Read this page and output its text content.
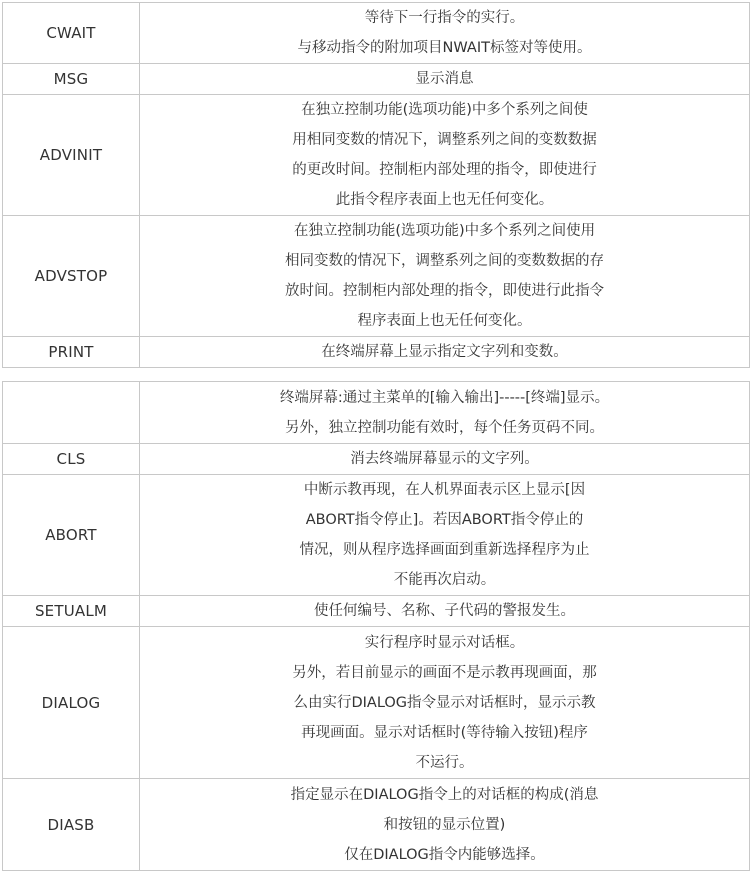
CWAIT	等待下一行指令的实行。
与移动指令的附加项目NWAIT标签对等使用。

MSG	显示消息

ADVINIT	在独立控制功能(选项功能)中多个系列之间使
用相同变数的情况下，调整系列之间的变数数据
的更改时间。控制柜内部处理的指令，即使进行
此指令程序表面上也无任何变化。

ADVSTOP	在独立控制功能(选项功能)中多个系列之间使用
相同变数的情况下，调整系列之间的变数数据的存
放时间。控制柜内部处理的指令，即使进行此指令
程序表面上也无任何变化。

PRINT	在终端屏幕上显示指定文字列和变数。

	终端屏幕:通过主菜单的[输入输出]-----[终端]显示。
另外，独立控制功能有效时，每个任务页码不同。

CLS	消去终端屏幕显示的文字列。

ABORT	中断示教再现，在人机界面表示区上显示[因
ABORT指令停止]。若因ABORT指令停止的
情况，则从程序选择画面到重新选择程序为止
不能再次启动。

SETUALM	使任何编号、名称、子代码的警报发生。

DIALOG	实行程序时显示对话框。
另外，若目前显示的画面不是示教再现画面，那
么由实行DIALOG指令显示对话框时，显示示教
再现画面。显示对话框时(等待输入按钮)程序
不运行。

DIASB	指定显示在DIALOG指令上的对话框的构成(消息
和按钮的显示位置)
仅在DIALOG指令内能够选择。
